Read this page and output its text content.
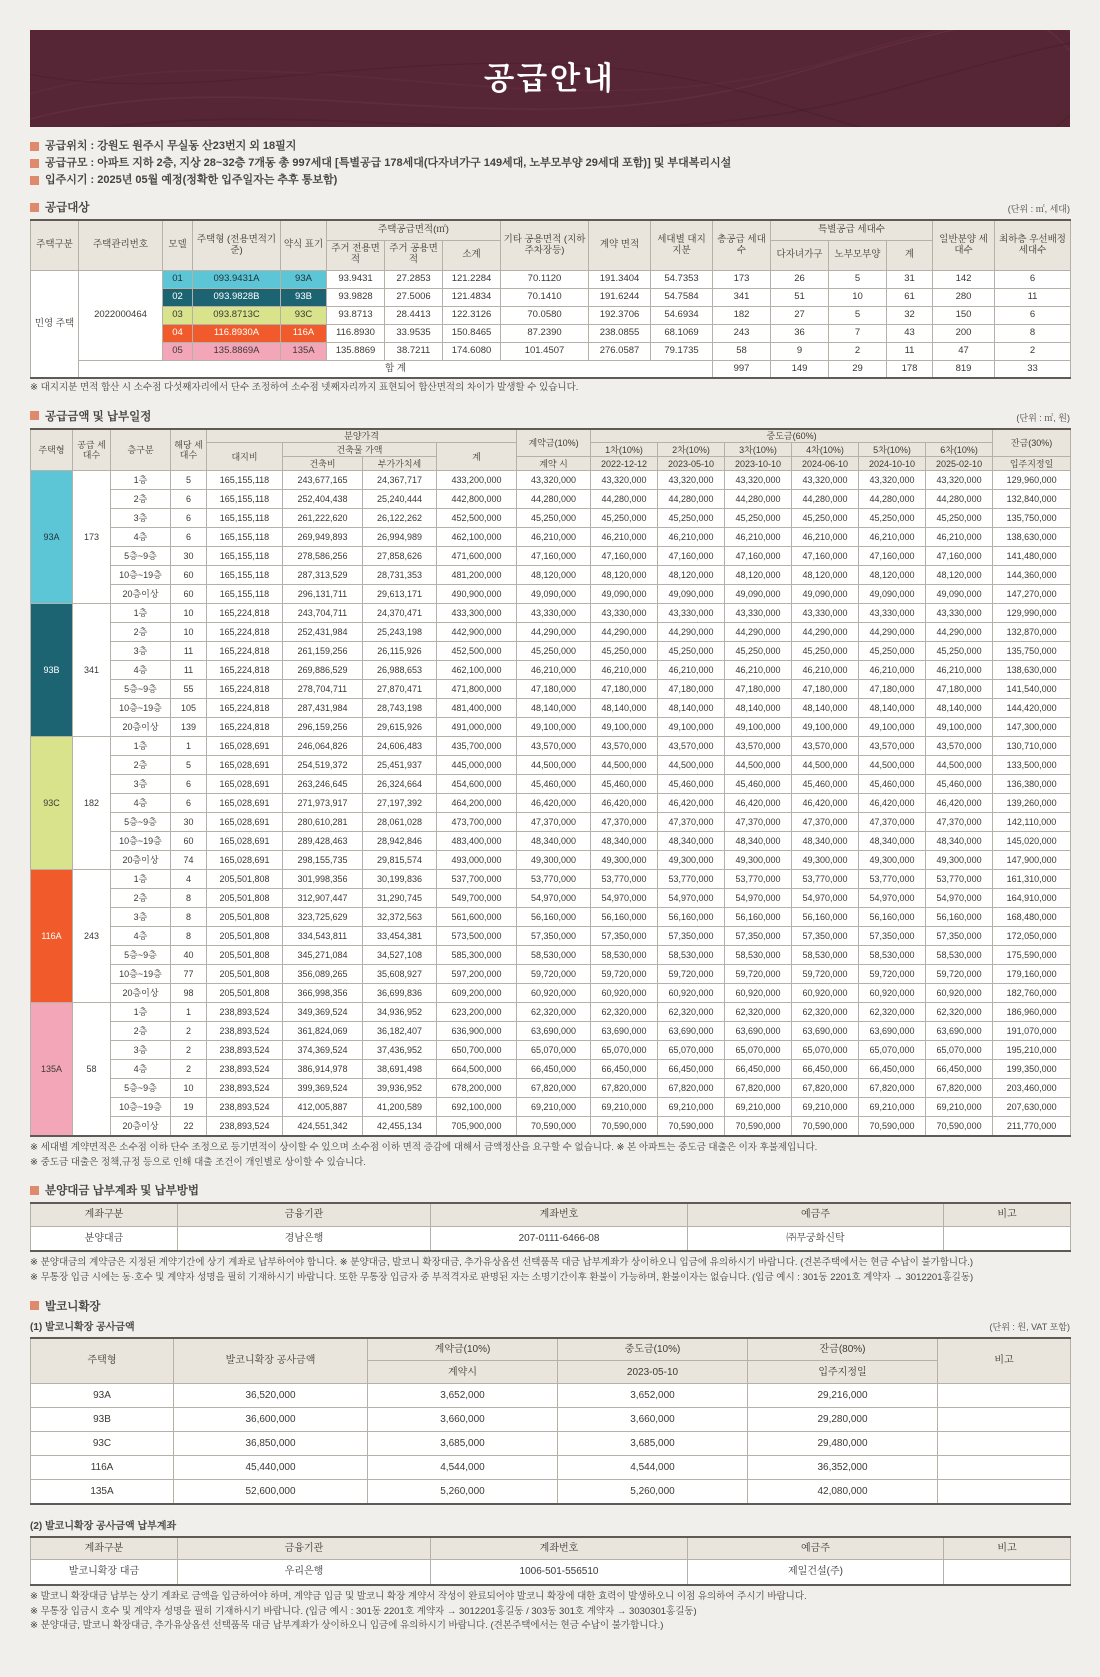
공급안내
공급위치 : 강원도 원주시 무실동 산23번지 외 18필지
공급규모 : 아파트 지하 2층, 지상 28~32층 7개동 총 997세대 [특별공급 178세대(다자녀가구 149세대, 노부모부양 29세대 포함)] 및 부대복리시설
입주시기 : 2025년 05월 예정(정확한 입주일자는 추후 통보함)
공급대상	(단위 : ㎡, 세대)
주택구분	주택관리번호	모델	주택형 (전용면적기준)	약식 표기	주택공급면적(㎡)			기타 공용면적 (지하주차장등)	계약 면적	세대별 대지지분	총공급 세대수	특별공급 세대수			일반분양 세대수	최하층 우선배정 세대수
					주거 전용면적	주거 공용면적	소계					다자녀가구	노부모부양	계		
민영 주택	2022000464	01	093.9431A	93A	93.9431	27.2853	121.2284	70.1120	191.3404	54.7353	173	26	5	31	142	6
		02	093.9828B	93B	93.9828	27.5006	121.4834	70.1410	191.6244	54.7584	341	51	10	61	280	11
		03	093.8713C	93C	93.8713	28.4413	122.3126	70.0580	192.3706	54.6934	182	27	5	32	150	6
		04	116.8930A	116A	116.8930	33.9535	150.8465	87.2390	238.0855	68.1069	243	36	7	43	200	8
		05	135.8869A	135A	135.8869	38.7211	174.6080	101.4507	276.0587	79.1735	58	9	2	11	47	2
	합 계										997	149	29	178	819	33
※ 대지지분 면적 합산 시 소수점 다섯째자리에서 단수 조정하여 소수점 넷째자리까지 표현되어 합산면적의 차이가 발생할 수 있습니다.
공급금액 및 납부일정	(단위 : ㎡, 원)
주택형	공급 세대수	층구분	해당 세대수	분양가격				계약금(10%)	중도금(60%)						잔금(30%)
				대지비	건축물 가액		계		1차(10%)	2차(10%)	3차(10%)	4차(10%)	5차(10%)	6차(10%)	
					건축비	부가가치세		계약 시	2022-12-12	2023-05-10	2023-10-10	2024-06-10	2024-10-10	2025-02-10	입주지정일
93A	173	1층	5	165,155,118	243,677,165	24,367,717	433,200,000	43,320,000	43,320,000	43,320,000	43,320,000	43,320,000	43,320,000	43,320,000	129,960,000
		2층	6	165,155,118	252,404,438	25,240,444	442,800,000	44,280,000	44,280,000	44,280,000	44,280,000	44,280,000	44,280,000	44,280,000	132,840,000
		3층	6	165,155,118	261,222,620	26,122,262	452,500,000	45,250,000	45,250,000	45,250,000	45,250,000	45,250,000	45,250,000	45,250,000	135,750,000
		4층	6	165,155,118	269,949,893	26,994,989	462,100,000	46,210,000	46,210,000	46,210,000	46,210,000	46,210,000	46,210,000	46,210,000	138,630,000
		5층~9층	30	165,155,118	278,586,256	27,858,626	471,600,000	47,160,000	47,160,000	47,160,000	47,160,000	47,160,000	47,160,000	47,160,000	141,480,000
		10층~19층	60	165,155,118	287,313,529	28,731,353	481,200,000	48,120,000	48,120,000	48,120,000	48,120,000	48,120,000	48,120,000	48,120,000	144,360,000
		20층이상	60	165,155,118	296,131,711	29,613,171	490,900,000	49,090,000	49,090,000	49,090,000	49,090,000	49,090,000	49,090,000	49,090,000	147,270,000
93B	341	1층	10	165,224,818	243,704,711	24,370,471	433,300,000	43,330,000	43,330,000	43,330,000	43,330,000	43,330,000	43,330,000	43,330,000	129,990,000
		2층	10	165,224,818	252,431,984	25,243,198	442,900,000	44,290,000	44,290,000	44,290,000	44,290,000	44,290,000	44,290,000	44,290,000	132,870,000
		3층	11	165,224,818	261,159,256	26,115,926	452,500,000	45,250,000	45,250,000	45,250,000	45,250,000	45,250,000	45,250,000	45,250,000	135,750,000
		4층	11	165,224,818	269,886,529	26,988,653	462,100,000	46,210,000	46,210,000	46,210,000	46,210,000	46,210,000	46,210,000	46,210,000	138,630,000
		5층~9층	55	165,224,818	278,704,711	27,870,471	471,800,000	47,180,000	47,180,000	47,180,000	47,180,000	47,180,000	47,180,000	47,180,000	141,540,000
		10층~19층	105	165,224,818	287,431,984	28,743,198	481,400,000	48,140,000	48,140,000	48,140,000	48,140,000	48,140,000	48,140,000	48,140,000	144,420,000
		20층이상	139	165,224,818	296,159,256	29,615,926	491,000,000	49,100,000	49,100,000	49,100,000	49,100,000	49,100,000	49,100,000	49,100,000	147,300,000
93C	182	1층	1	165,028,691	246,064,826	24,606,483	435,700,000	43,570,000	43,570,000	43,570,000	43,570,000	43,570,000	43,570,000	43,570,000	130,710,000
		2층	5	165,028,691	254,519,372	25,451,937	445,000,000	44,500,000	44,500,000	44,500,000	44,500,000	44,500,000	44,500,000	44,500,000	133,500,000
		3층	6	165,028,691	263,246,645	26,324,664	454,600,000	45,460,000	45,460,000	45,460,000	45,460,000	45,460,000	45,460,000	45,460,000	136,380,000
		4층	6	165,028,691	271,973,917	27,197,392	464,200,000	46,420,000	46,420,000	46,420,000	46,420,000	46,420,000	46,420,000	46,420,000	139,260,000
		5층~9층	30	165,028,691	280,610,281	28,061,028	473,700,000	47,370,000	47,370,000	47,370,000	47,370,000	47,370,000	47,370,000	47,370,000	142,110,000
		10층~19층	60	165,028,691	289,428,463	28,942,846	483,400,000	48,340,000	48,340,000	48,340,000	48,340,000	48,340,000	48,340,000	48,340,000	145,020,000
		20층이상	74	165,028,691	298,155,735	29,815,574	493,000,000	49,300,000	49,300,000	49,300,000	49,300,000	49,300,000	49,300,000	49,300,000	147,900,000
116A	243	1층	4	205,501,808	301,998,356	30,199,836	537,700,000	53,770,000	53,770,000	53,770,000	53,770,000	53,770,000	53,770,000	53,770,000	161,310,000
		2층	8	205,501,808	312,907,447	31,290,745	549,700,000	54,970,000	54,970,000	54,970,000	54,970,000	54,970,000	54,970,000	54,970,000	164,910,000
		3층	8	205,501,808	323,725,629	32,372,563	561,600,000	56,160,000	56,160,000	56,160,000	56,160,000	56,160,000	56,160,000	56,160,000	168,480,000
		4층	8	205,501,808	334,543,811	33,454,381	573,500,000	57,350,000	57,350,000	57,350,000	57,350,000	57,350,000	57,350,000	57,350,000	172,050,000
		5층~9층	40	205,501,808	345,271,084	34,527,108	585,300,000	58,530,000	58,530,000	58,530,000	58,530,000	58,530,000	58,530,000	58,530,000	175,590,000
		10층~19층	77	205,501,808	356,089,265	35,608,927	597,200,000	59,720,000	59,720,000	59,720,000	59,720,000	59,720,000	59,720,000	59,720,000	179,160,000
		20층이상	98	205,501,808	366,998,356	36,699,836	609,200,000	60,920,000	60,920,000	60,920,000	60,920,000	60,920,000	60,920,000	60,920,000	182,760,000
135A	58	1층	1	238,893,524	349,369,524	34,936,952	623,200,000	62,320,000	62,320,000	62,320,000	62,320,000	62,320,000	62,320,000	62,320,000	186,960,000
		2층	2	238,893,524	361,824,069	36,182,407	636,900,000	63,690,000	63,690,000	63,690,000	63,690,000	63,690,000	63,690,000	63,690,000	191,070,000
		3층	2	238,893,524	374,369,524	37,436,952	650,700,000	65,070,000	65,070,000	65,070,000	65,070,000	65,070,000	65,070,000	65,070,000	195,210,000
		4층	2	238,893,524	386,914,978	38,691,498	664,500,000	66,450,000	66,450,000	66,450,000	66,450,000	66,450,000	66,450,000	66,450,000	199,350,000
		5층~9층	10	238,893,524	399,369,524	39,936,952	678,200,000	67,820,000	67,820,000	67,820,000	67,820,000	67,820,000	67,820,000	67,820,000	203,460,000
		10층~19층	19	238,893,524	412,005,887	41,200,589	692,100,000	69,210,000	69,210,000	69,210,000	69,210,000	69,210,000	69,210,000	69,210,000	207,630,000
		20층이상	22	238,893,524	424,551,342	42,455,134	705,900,000	70,590,000	70,590,000	70,590,000	70,590,000	70,590,000	70,590,000	70,590,000	211,770,000
※ 세대별 계약면적은 소수점 이하 단수 조정으로 등기면적이 상이할 수 있으며 소수점 이하 면적 증감에 대해서 금액정산을 요구할 수 없습니다. ※ 본 아파트는 중도금 대출은 이자 후불제입니다.
※ 중도금 대출은 정책,규정 등으로 인해 대출 조건이 개인별로 상이할 수 있습니다.
분양대금 납부계좌 및 납부방법
계좌구분	금융기관	계좌번호	예금주	비고
분양대금	경남은행	207-0111-6466-08	㈜무궁화신탁	
※ 분양대금의 계약금은 지정된 계약기간에 상기 계좌로 납부하여야 합니다. ※ 분양대금, 발코니 확장대금, 추가유상옵션 선택품목 대금 납부계좌가 상이하오니 입금에 유의하시기 바랍니다. (견본주택에서는 현금 수납이 불가합니다.)
※ 무통장 입금 시에는 동·호수 및 계약자 성명을 필히 기재하시기 바랍니다. 또한 무통장 입금자 중 부적격자로 판명된 자는 소명기간이후 환불이 가능하며, 환불이자는 없습니다. (입금 예시 : 301동 2201호 계약자 → 3012201홍길동)
발코니확장
(1) 발코니확장 공사금액	(단위 : 원, VAT 포함)
주택형	발코니확장 공사금액	계약금(10%)	중도금(10%)	잔금(80%)	비고
		계약시	2023-05-10	입주지정일	
93A	36,520,000	3,652,000	3,652,000	29,216,000	
93B	36,600,000	3,660,000	3,660,000	29,280,000	
93C	36,850,000	3,685,000	3,685,000	29,480,000	
116A	45,440,000	4,544,000	4,544,000	36,352,000	
135A	52,600,000	5,260,000	5,260,000	42,080,000	
(2) 발코니확장 공사금액 납부계좌
계좌구분	금융기관	계좌번호	예금주	비고
발코니확장 대금	우리은행	1006-501-556510	제일건설(주)	
※ 발코니 확장대금 납부는 상기 계좌로 금액을 입금하여야 하며, 계약금 입금 및 발코니 확장 계약서 작성이 완료되어야 발코니 확장에 대한 효력이 발생하오니 이점 유의하여 주시기 바랍니다.
※ 무통장 입금시 호수 및 계약자 성명을 필히 기재하시기 바랍니다. (입금 예시 : 301동 2201호 계약자 → 3012201홍길동 / 303동 301호 계약자 → 3030301홍길동)
※ 분양대금, 발코니 확장대금, 추가유상옵션 선택품목 대금 납부계좌가 상이하오니 입금에 유의하시기 바랍니다. (견본주택에서는 현금 수납이 불가합니다.)
